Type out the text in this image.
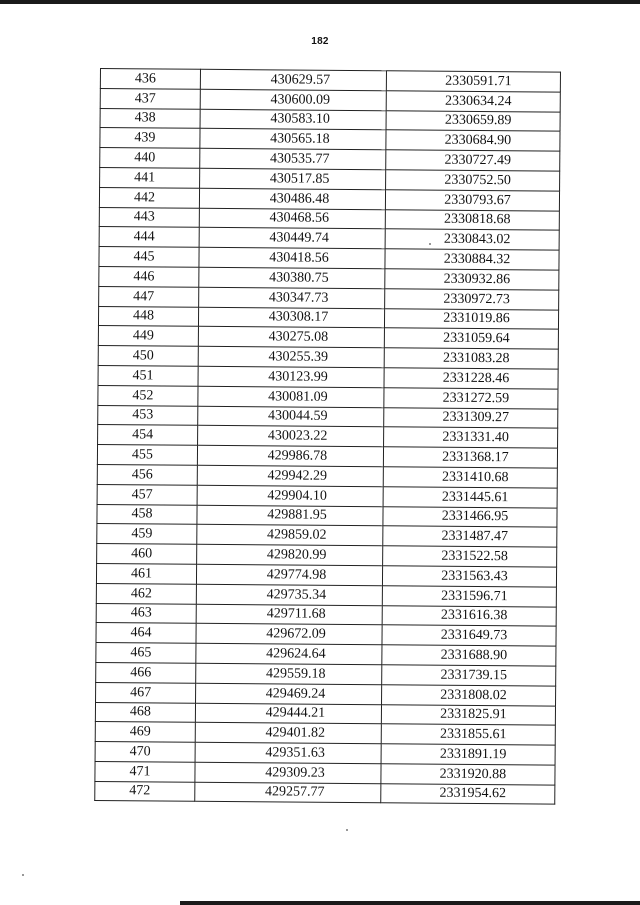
182
436	430629.57	2330591.71
437	430600.09	2330634.24
438	430583.10	2330659.89
439	430565.18	2330684.90
440	430535.77	2330727.49
441	430517.85	2330752.50
442	430486.48	2330793.67
443	430468.56	2330818.68
444	430449.74	2330843.02
445	430418.56	2330884.32
446	430380.75	2330932.86
447	430347.73	2330972.73
448	430308.17	2331019.86
449	430275.08	2331059.64
450	430255.39	2331083.28
451	430123.99	2331228.46
452	430081.09	2331272.59
453	430044.59	2331309.27
454	430023.22	2331331.40
455	429986.78	2331368.17
456	429942.29	2331410.68
457	429904.10	2331445.61
458	429881.95	2331466.95
459	429859.02	2331487.47
460	429820.99	2331522.58
461	429774.98	2331563.43
462	429735.34	2331596.71
463	429711.68	2331616.38
464	429672.09	2331649.73
465	429624.64	2331688.90
466	429559.18	2331739.15
467	429469.24	2331808.02
468	429444.21	2331825.91
469	429401.82	2331855.61
470	429351.63	2331891.19
471	429309.23	2331920.88
472	429257.77	2331954.62
